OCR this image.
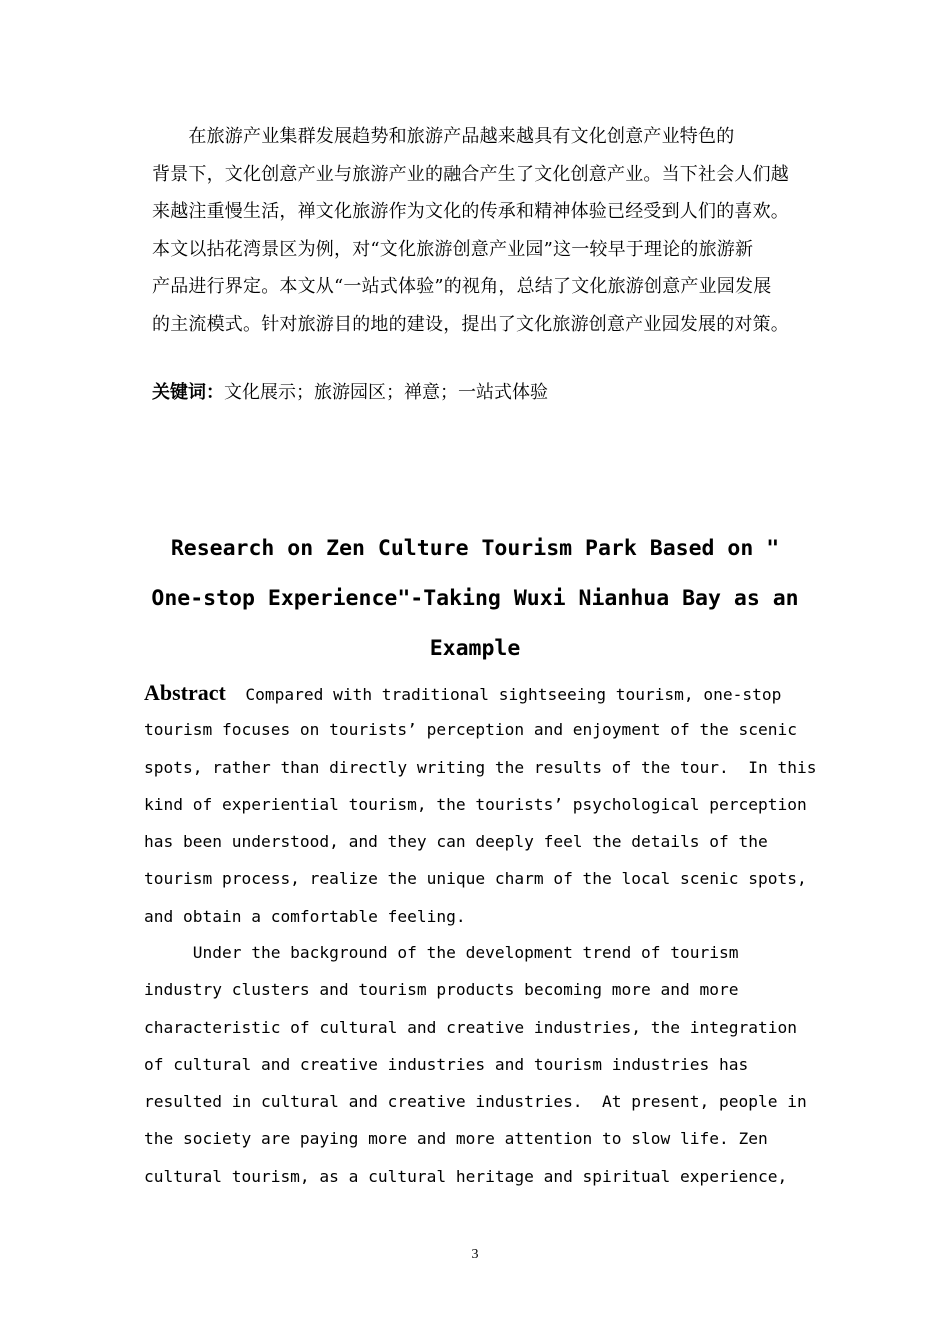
　　在旅游产业集群发展趋势和旅游产品越来越具有文化创意产业特色的
背景下，文化创意产业与旅游产业的融合产生了文化创意产业。当下社会人们越
来越注重慢生活，禅文化旅游作为文化的传承和精神体验已经受到人们的喜欢。
本文以拈花湾景区为例，对“文化旅游创意产业园”这一较早于理论的旅游新
产品进行界定。本文从“一站式体验”的视角，总结了文化旅游创意产业园发展
的主流模式。针对旅游目的地的建设，提出了文化旅游创意产业园发展的对策。
关键词：文化展示；旅游园区；禅意；一站式体验
Research on Zen Culture Tourism Park Based on "
One-stop Experience"-Taking Wuxi Nianhua Bay as an
Example
Abstract  Compared with traditional sightseeing tourism, one-stop
tourism focuses on tourists’ perception and enjoyment of the scenic
spots, rather than directly writing the results of the tour.  In this
kind of experiential tourism, the tourists’ psychological perception
has been understood, and they can deeply feel the details of the
tourism process, realize the unique charm of the local scenic spots,
and obtain a comfortable feeling.
Under the background of the development trend of tourism
industry clusters and tourism products becoming more and more
characteristic of cultural and creative industries, the integration
of cultural and creative industries and tourism industries has
resulted in cultural and creative industries.  At present, people in
the society are paying more and more attention to slow life. Zen
cultural tourism, as a cultural heritage and spiritual experience,
3
